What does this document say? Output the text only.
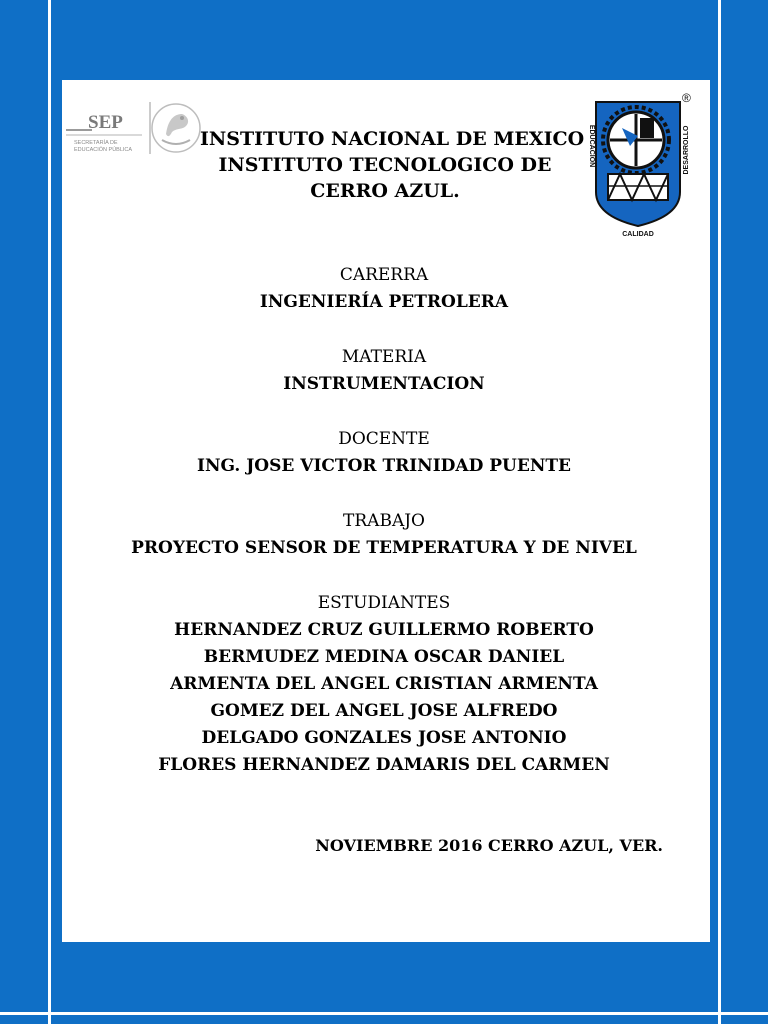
SEP
SECRETARÍA DE
EDUCACIÓN PÚBLICA	INSTITUTO NACIONAL DE MEXICO
INSTITUTO TECNOLOGICO DE
CERRO AZUL.
EDUCACION	DESARROLLO
CALIDAD
®
CARERRA
INGENIERÍA PETROLERA
MATERIA
INSTRUMENTACION
DOCENTE
ING. JOSE VICTOR TRINIDAD PUENTE
TRABAJO
PROYECTO SENSOR DE TEMPERATURA Y DE NIVEL
ESTUDIANTES
HERNANDEZ CRUZ GUILLERMO ROBERTO
BERMUDEZ MEDINA OSCAR DANIEL
ARMENTA DEL ANGEL CRISTIAN ARMENTA
GOMEZ DEL ANGEL JOSE ALFREDO
DELGADO GONZALES JOSE ANTONIO
FLORES HERNANDEZ DAMARIS DEL CARMEN
NOVIEMBRE 2016 CERRO AZUL, VER.
